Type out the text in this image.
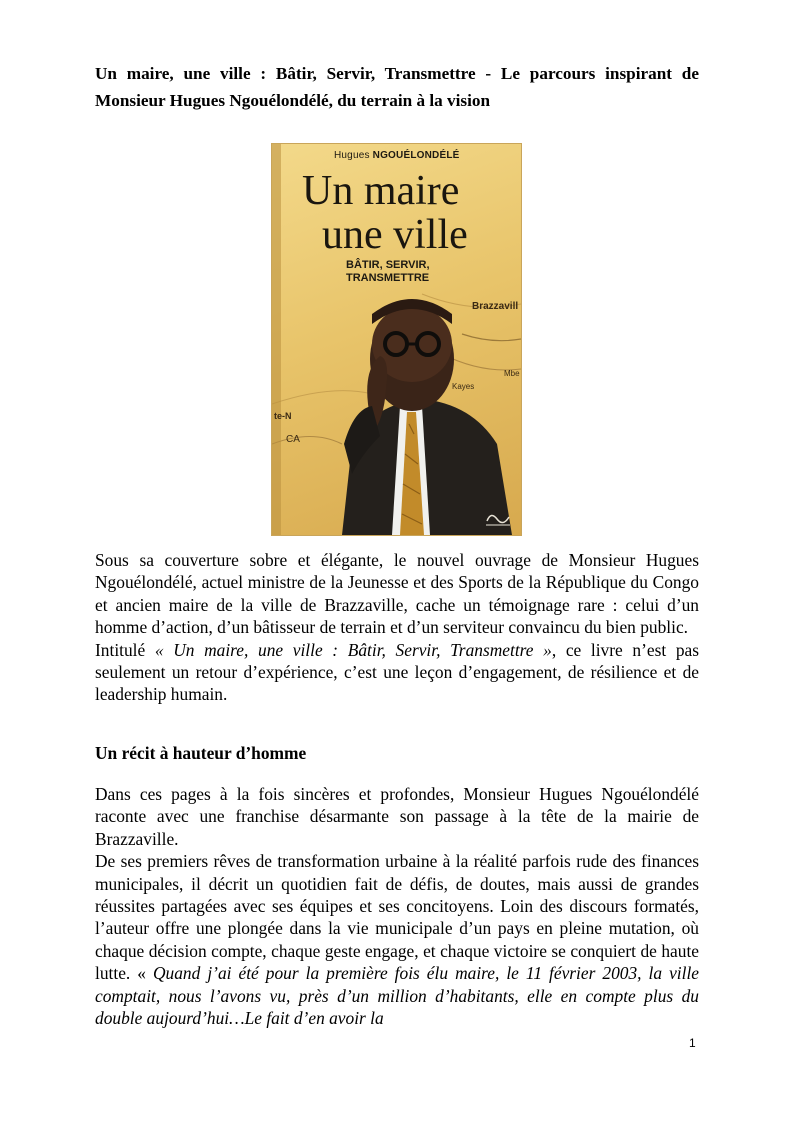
Un maire, une ville : Bâtir, Servir, Transmettre - Le parcours inspirant de Monsieur Hugues Ngouélondélé, du terrain à la vision
Hugues NGOUÉLONDÉLÉ
Un maire
une ville
BÂTIR, SERVIR,
TRANSMETTRE
Brazzavill
Kayes
Mbe
te-N
CA

Sous sa couverture sobre et élégante, le nouvel ouvrage de Monsieur Hugues Ngouélondélé, actuel ministre de la Jeunesse et des Sports de la République du Congo et ancien maire de la ville de Brazzaville, cache un témoignage rare : celui d’un homme d’action, d’un bâtisseur de terrain et d’un serviteur convaincu du bien public.

Intitulé « Un maire, une ville : Bâtir, Servir, Transmettre », ce livre n’est pas seulement un retour d’expérience, c’est une leçon d’engagement, de résilience et de leadership humain.

Un récit à hauteur d’homme

Dans ces pages à la fois sincères et profondes, Monsieur Hugues Ngouélondélé raconte avec une franchise désarmante son passage à la tête de la mairie de Brazzaville.

De ses premiers rêves de transformation urbaine à la réalité parfois rude des finances municipales, il décrit un quotidien fait de défis, de doutes, mais aussi de grandes réussites partagées avec ses équipes et ses concitoyens. Loin des discours formatés, l’auteur offre une plongée dans la vie municipale d’un pays en pleine mutation, où chaque décision compte, chaque geste engage, et chaque victoire se conquiert de haute lutte. « Quand j’ai été pour la première fois élu maire, le 11 février 2003, la ville comptait, nous l’avons vu, près d’un million d’habitants, elle en compte plus du double aujourd’hui…Le fait d’en avoir la

1
